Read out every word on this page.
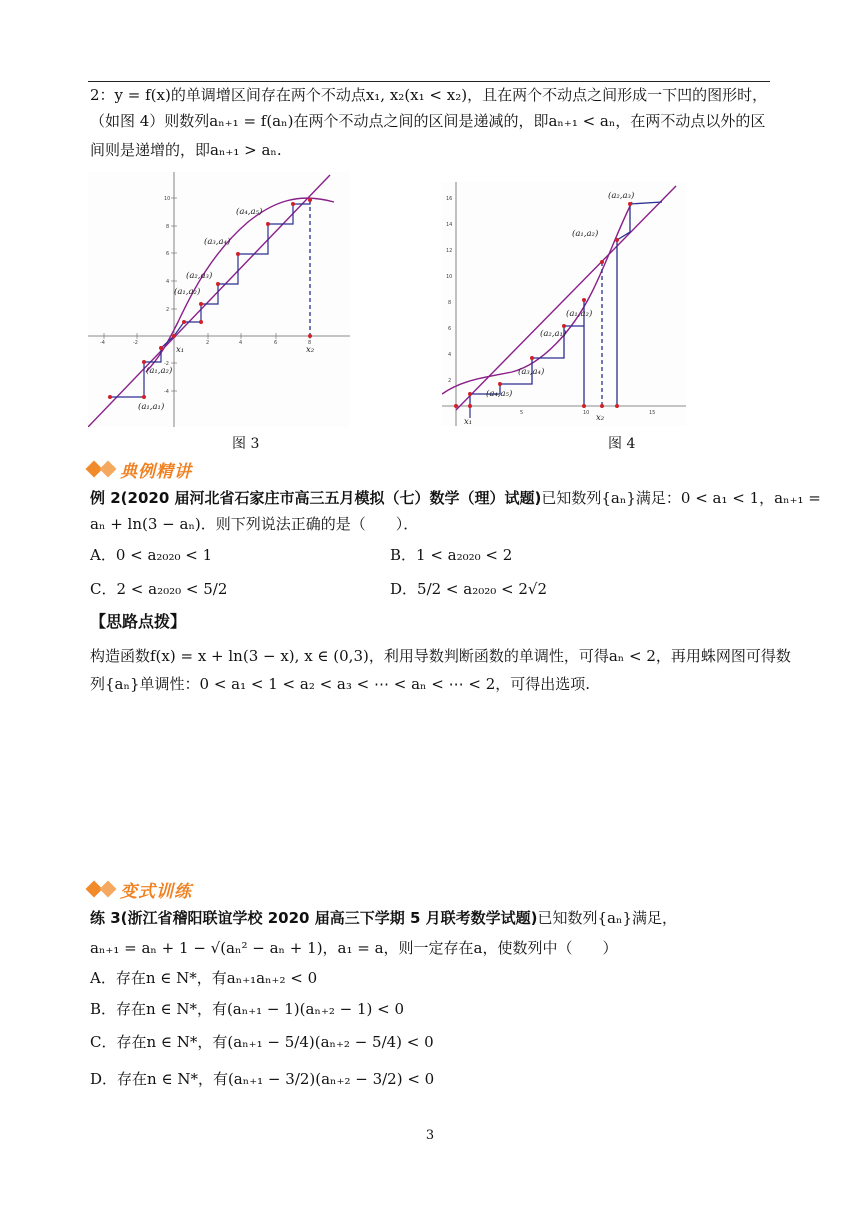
2：y = f(x)的单调增区间存在两个不动点x₁, x₂(x₁ < x₂)，且在两个不动点之间形成一下凹的图形时，
（如图 4）则数列aₙ₊₁ = f(aₙ)在两个不动点之间的区间是递减的，即aₙ₊₁ < aₙ，在两不动点以外的区
间则是递增的，即aₙ₊₁ > aₙ.
10
8
6
4
2
-2
-4
-4	-2	2	4	6	8
(a₄,a₅)
(a₃,a₄)
(a₂,a₃)
(a₁,a₂)
(a₁,a₂)
(a₁,a₁)
x₁	x₂
图 3
16
14
12
10
8
6
4
2
5	10	15
(a₂,a₃)
(a₁,a₂)
(a₁,a₂)
(a₂,a₁)
(a₃,a₄)
(a₄,a₅)
x₁	x₂
图 4
典例精讲
例 2(2020 届河北省石家庄市高三五月模拟（七）数学（理）试题)已知数列{aₙ}满足：0 < a₁ < 1，aₙ₊₁ =
aₙ + ln(3 − aₙ)．则下列说法正确的是（　　）．
A．0 < a₂₀₂₀ < 1	B．1 < a₂₀₂₀ < 2
C．2 < a₂₀₂₀ < 5/2	D．5/2 < a₂₀₂₀ < 2√2
【思路点拨】
构造函数f(x) = x + ln(3 − x), x ∈ (0,3)，利用导数判断函数的单调性，可得aₙ < 2，再用蛛网图可得数
列{aₙ}单调性：0 < a₁ < 1 < a₂ < a₃ < ⋯ < aₙ < ⋯ < 2，可得出选项.
变式训练
练 3(浙江省稽阳联谊学校 2020 届高三下学期 5 月联考数学试题)已知数列{aₙ}满足，
aₙ₊₁ = aₙ + 1 − √(aₙ² − aₙ + 1)，a₁ = a，则一定存在a，使数列中（　　）
A．存在n ∈ N*，有aₙ₊₁aₙ₊₂ < 0
B．存在n ∈ N*，有(aₙ₊₁ − 1)(aₙ₊₂ − 1) < 0
C．存在n ∈ N*，有(aₙ₊₁ − 5/4)(aₙ₊₂ − 5/4) < 0
D．存在n ∈ N*，有(aₙ₊₁ − 3/2)(aₙ₊₂ − 3/2) < 0
3
